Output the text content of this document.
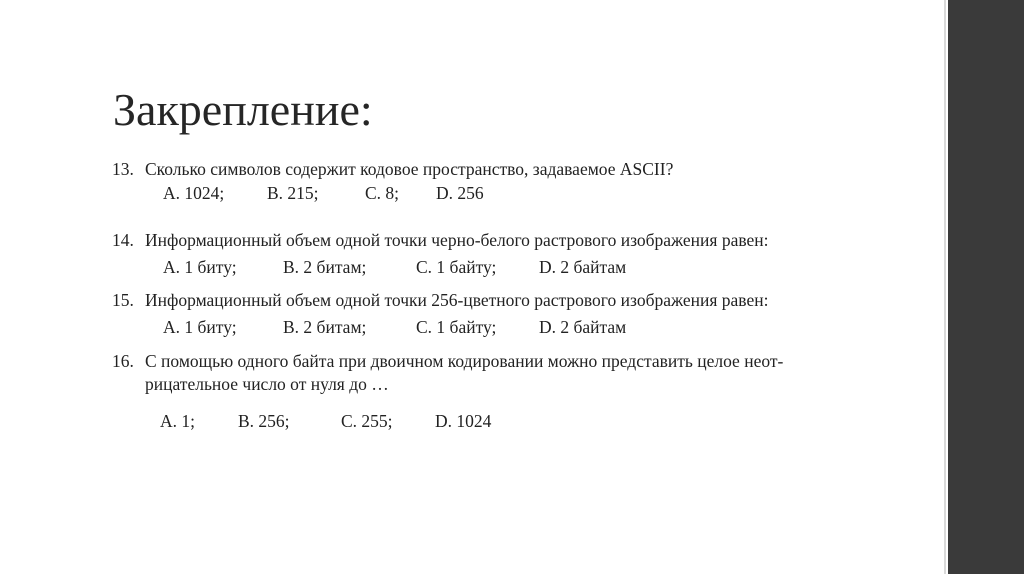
Закрепление:
13. Сколько символов содержит кодовое пространство, задаваемое ASCII?
A. 1024; B. 215;	C. 8; D. 256
14. Информационный объем одной точки черно-белого растрового изображения равен:
A. 1 биту;	B. 2 битам;	C. 1 байту; D. 2 байтам
15. Информационный объем одной точки 256-цветного растрового изображения равен:
A. 1 биту;	B. 2 битам;	C. 1 байту; D. 2 байтам
16. С помощью одного байта при двоичном кодировании можно представить целое неот-
рицательное число от нуля до …
A. 1; B. 256;	C. 255; D. 1024
